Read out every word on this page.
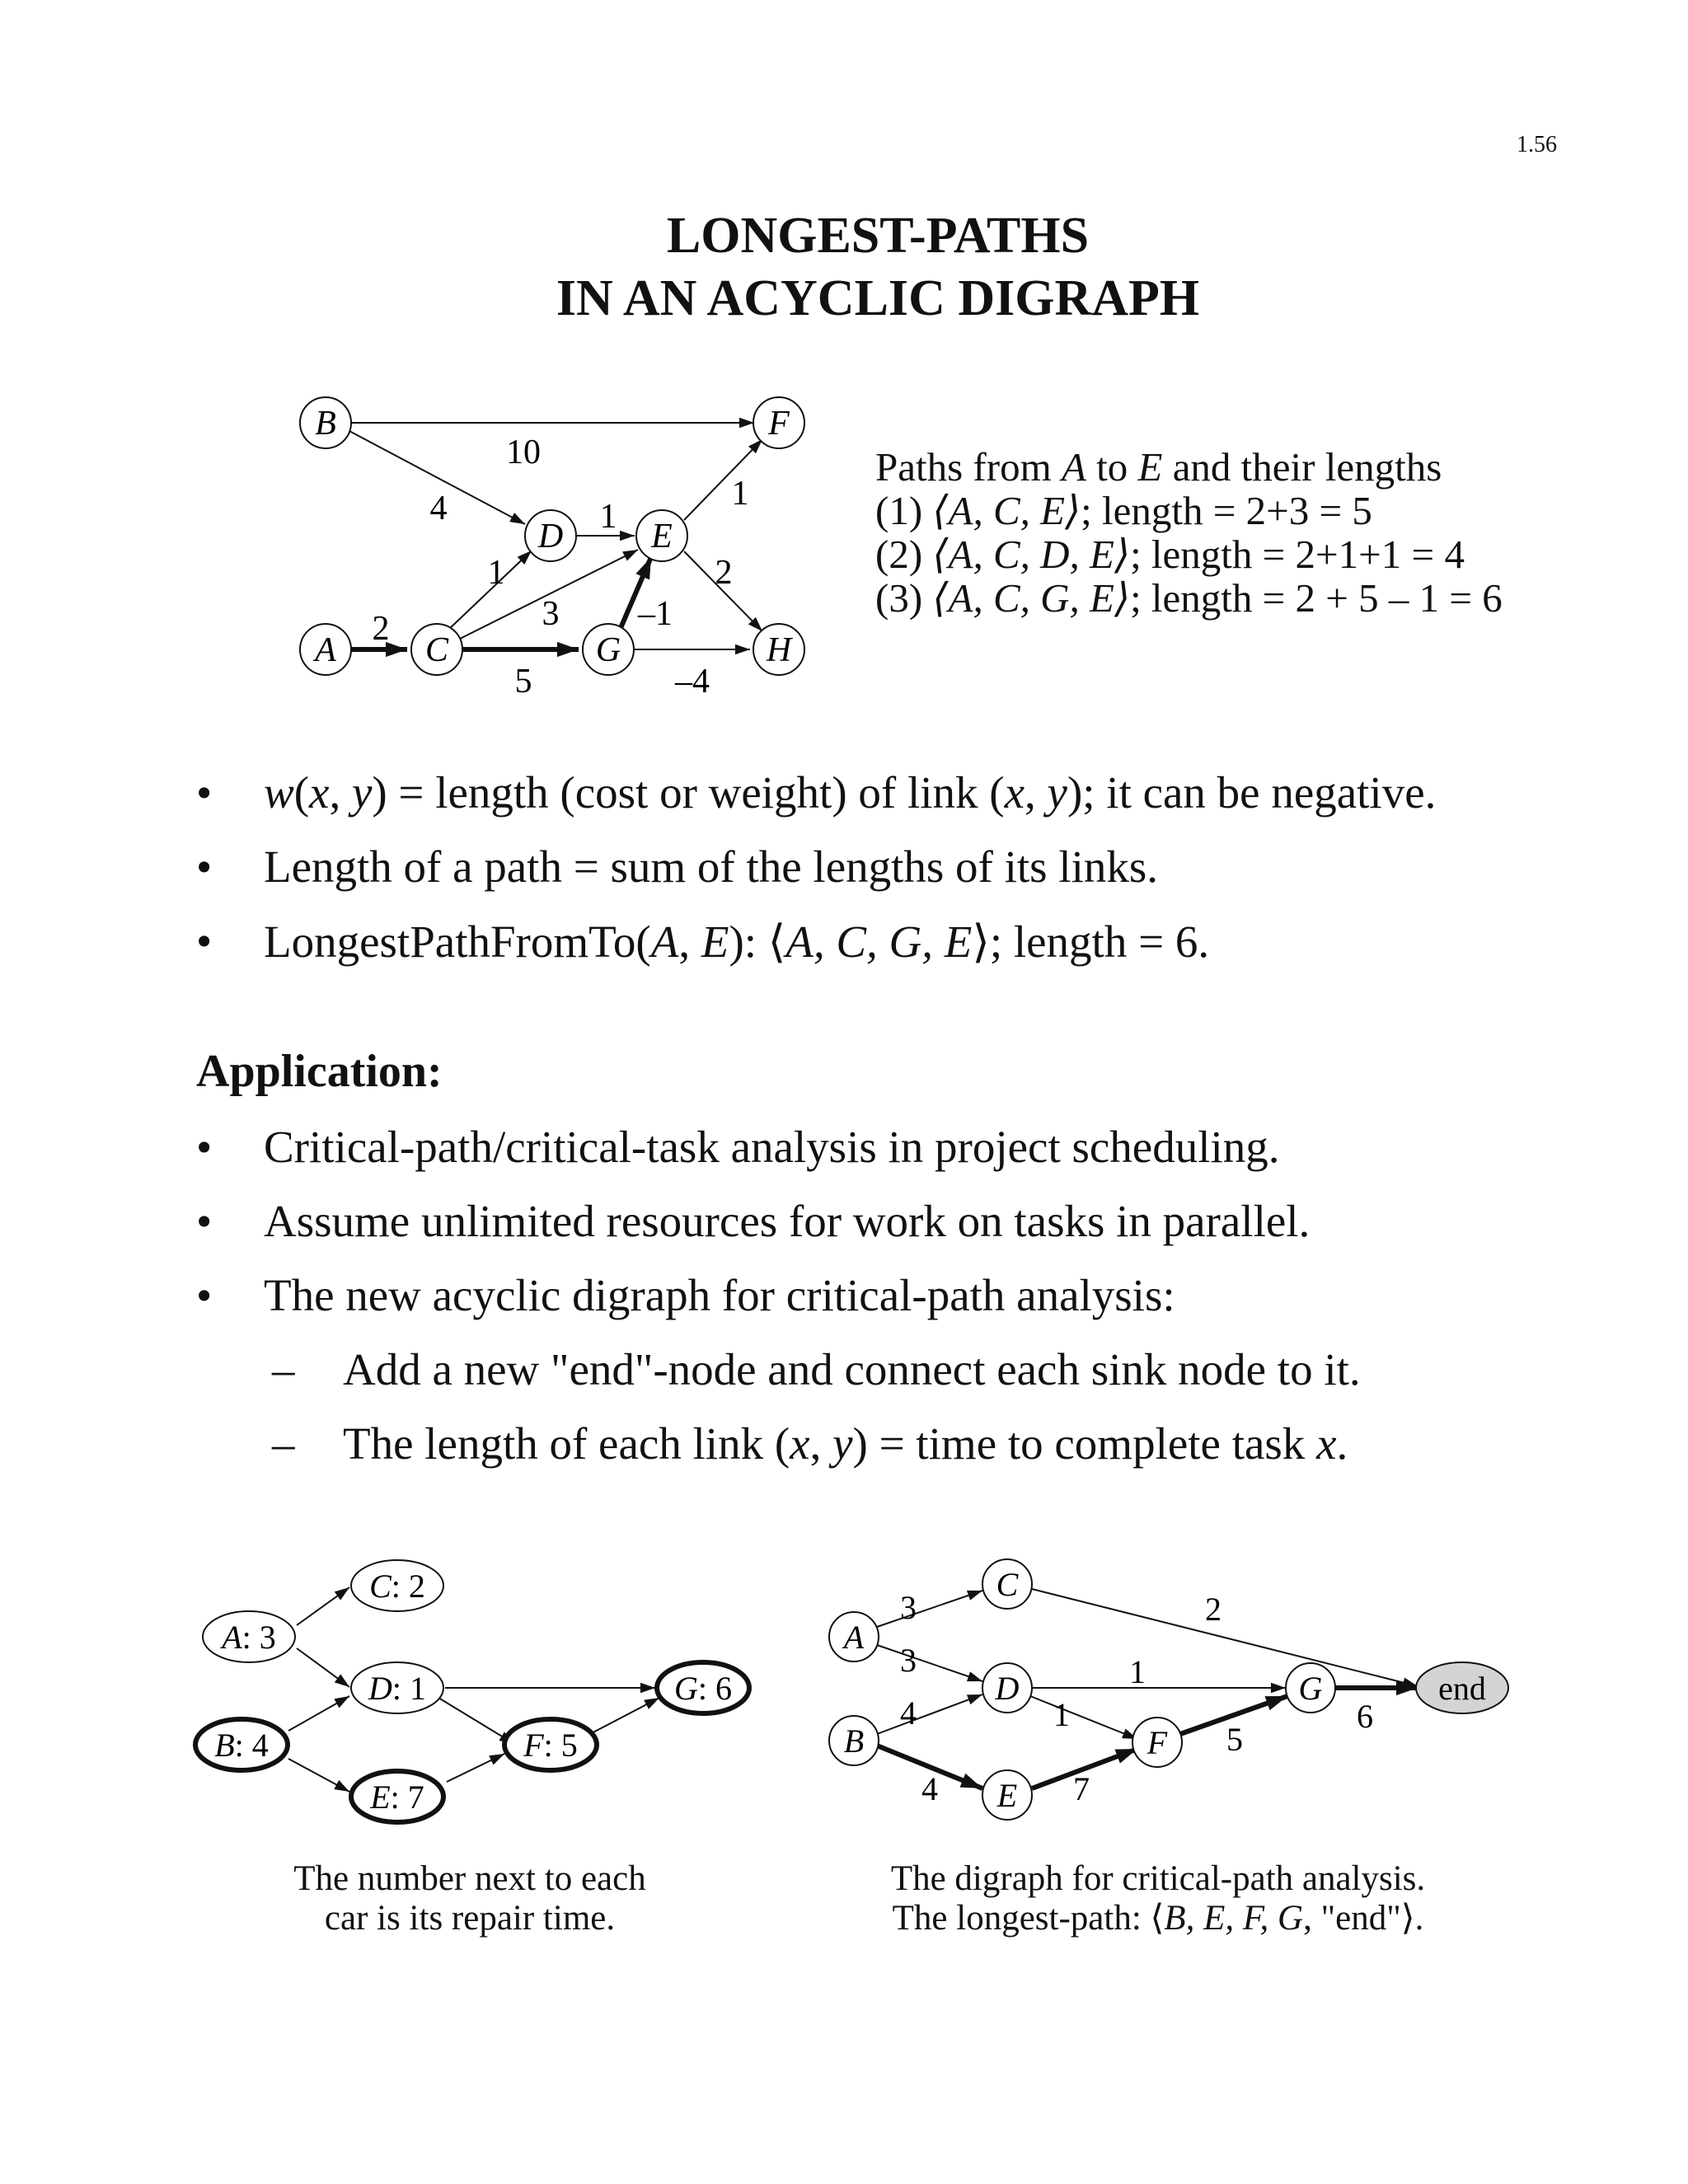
1.56
LONGEST-PATHS
IN AN ACYCLIC DIGRAPH
B	F
D	E
A	C	G	H
10
4	1
1
2
1
3 –1
2
5	–4
Paths from A to E and their lengths
(1) ⟨A, C, E⟩; length = 2+3 = 5
(2) ⟨A, C, D, E⟩; length = 2+1+1 = 4
(3) ⟨A, C, G, E⟩; length = 2 + 5 – 1 = 6
• w(x, y) = length (cost or weight) of link (x, y); it can be negative.
• Length of a path = sum of the lengths of its links.
• LongestPathFromTo(A, E): ⟨A, C, G, E⟩; length = 6.
Application:
• Critical-path/critical-task analysis in project scheduling.
• Assume unlimited resources for work on tasks in parallel.
• The new acyclic digraph for critical-path analysis:
– Add a new "end"-node and connect each sink node to it.
– The length of each link (x, y) = time to complete task x.
C: 2
A: 3
D: 1	G: 6
B: 4	F: 5
E: 7
The number next to each
car is its repair time.
C
A
D	G
B	F
E
end
3
3
4
4
1
1
7
5
2
6
The digraph for critical-path analysis.
The longest-path: ⟨B, E, F, G, "end"⟩.
